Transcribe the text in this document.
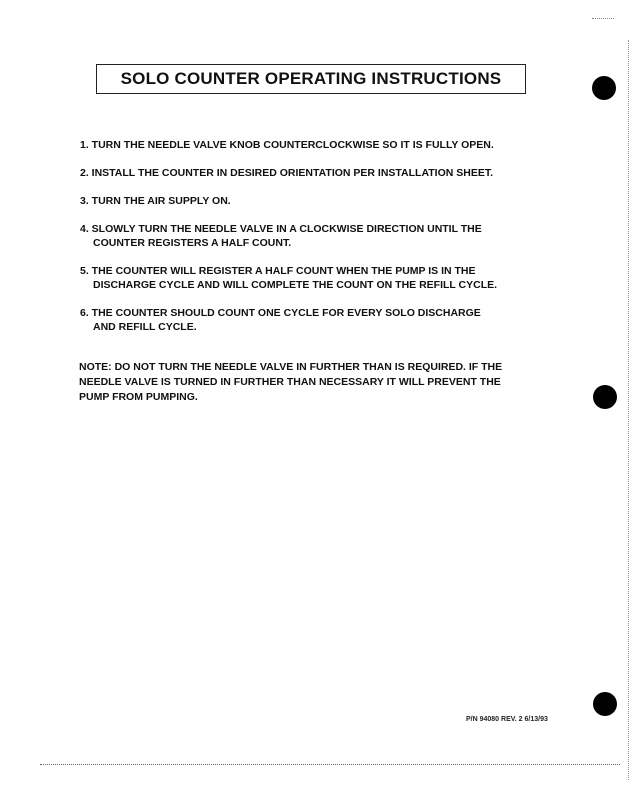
SOLO COUNTER OPERATING INSTRUCTIONS

1. TURN THE NEEDLE VALVE KNOB COUNTERCLOCKWISE SO IT IS FULLY OPEN.

2. INSTALL THE COUNTER IN DESIRED ORIENTATION PER INSTALLATION SHEET.

3. TURN THE AIR SUPPLY ON.

4. SLOWLY TURN THE NEEDLE VALVE IN A CLOCKWISE DIRECTION UNTIL THE
COUNTER REGISTERS A HALF COUNT.

5. THE COUNTER WILL REGISTER A HALF COUNT WHEN THE PUMP IS IN THE
DISCHARGE CYCLE AND WILL COMPLETE THE COUNT ON THE REFILL CYCLE.

6. THE COUNTER SHOULD COUNT ONE CYCLE FOR EVERY SOLO DISCHARGE
AND REFILL CYCLE.

NOTE: DO NOT TURN THE NEEDLE VALVE IN FURTHER THAN IS REQUIRED. IF THE
NEEDLE VALVE IS TURNED IN FURTHER THAN NECESSARY IT WILL PREVENT THE
PUMP FROM PUMPING.
P/N 94080 REV. 2 6/13/93
